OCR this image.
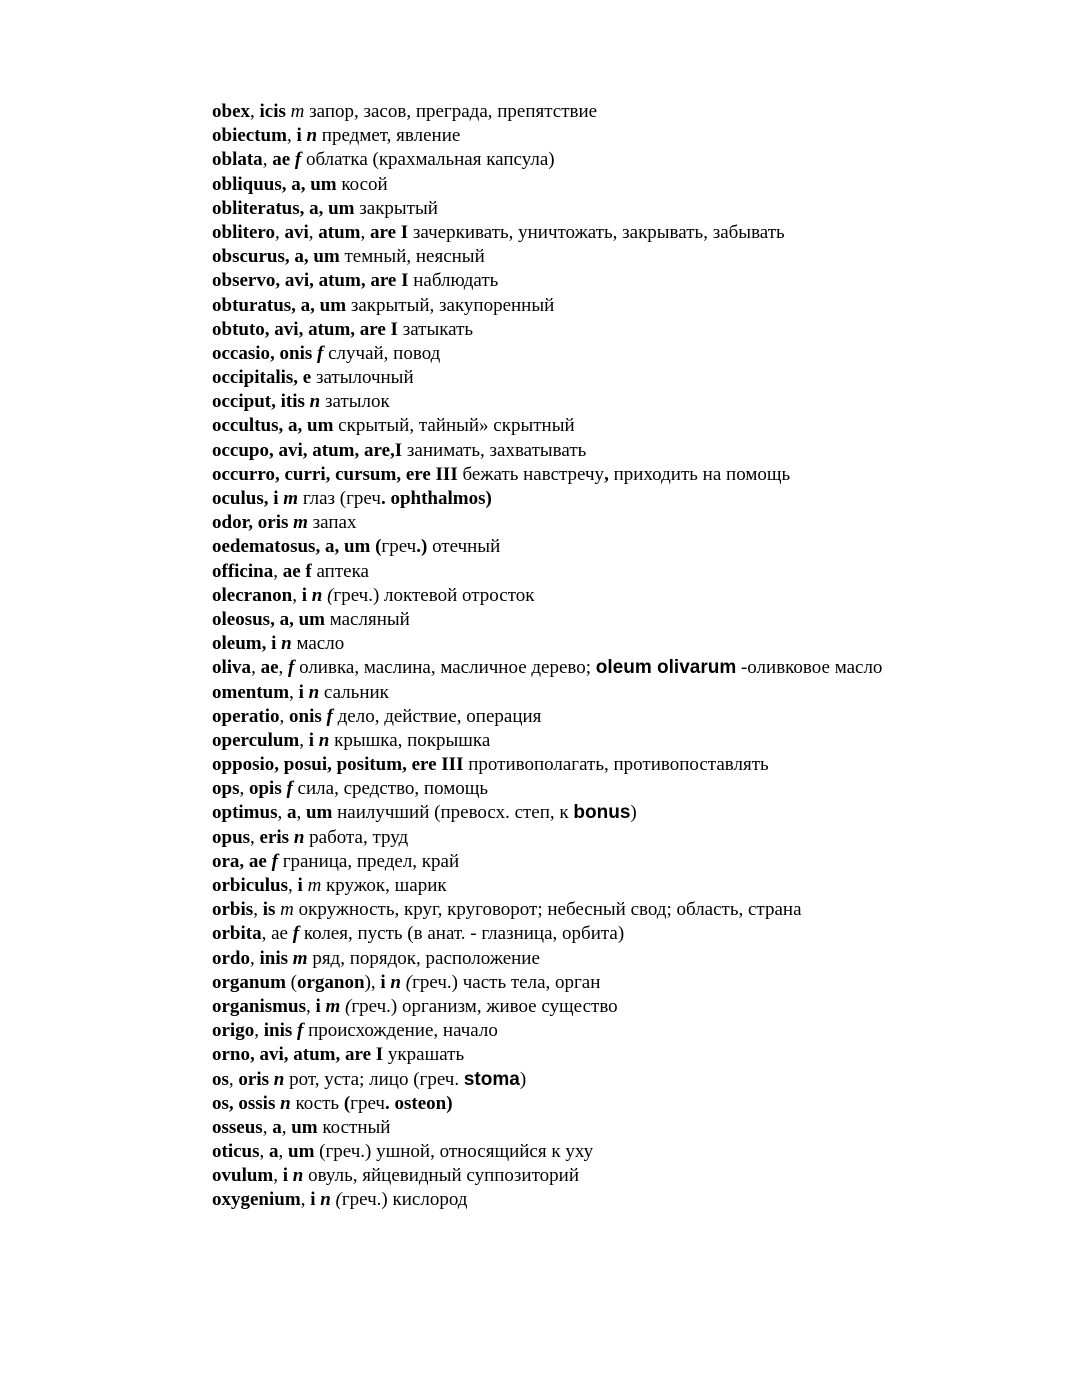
obex, icis m запор, засов, преграда, препятствие
obiectum, i n предмет, явление
oblata, ae f облатка (крахмальная капсула)
obliquus, a, um косой
obliteratus, a, um закрытый
oblitero, avi, atum, are I зачеркивать, уничтожать, закрывать, забывать
obscurus, a, um темный, неясный
observo, avi, atum, are I наблюдать
obturatus, a, um закрытый, закупоренный
obtuto, avi, atum, are I затыкать
occasio, onis f случай, повод
occipitalis, e затылочный
occiput, itis n затылок
occultus, a, um скрытый, тайный» скрытный
occupo, avi, atum, are,I занимать, захватывать
occurro, curri, cursum, ere III бежать навстречу, приходить на помощь
oculus, i m глаз (греч. ophthalmos)
odor, oris m запах
oedematosus, a, um (греч.) отечный
officina, ae f аптека
olecranon, i n (греч.) локтевой отросток
oleosus, a, um масляный
oleum, i n масло
oliva, ae, f оливка, маслина, масличное дерево; oleum olivarum -оливковое масло
omentum, i n сальник
operatio, onis f дело, действие, операция
operculum, i n крышка, покрышка
opposio, posui, positum, ere III противополагать, противопоставлять
ops, opis f сила, средство, помощь
optimus, a, um наилучший (превосх. степ, к bonus)
opus, eris n работа, труд
ora, ae f граница, предел, край
orbiculus, i m кружок, шарик
orbis, is m окружность, круг, круговорот; небесный свод; область, страна
orbita, ае f колея, пусть (в анат. - глазница, орбита)
ordo, inis m ряд, порядок, расположение
organum (organon), i n (греч.) часть тела, орган
organismus, i m (греч.) организм, живое существо
origo, inis f происхождение, начало
orno, avi, atum, are I украшать
os, oris n рот, уста; лицо (греч. stoma)
os, ossis n кость (греч. osteon)
osseus, a, um костный
oticus, a, um (греч.) ушной, относящийся к уху
ovulum, i n овуль, яйцевидный суппозиторий
oxygenium, i n (греч.) кислород
